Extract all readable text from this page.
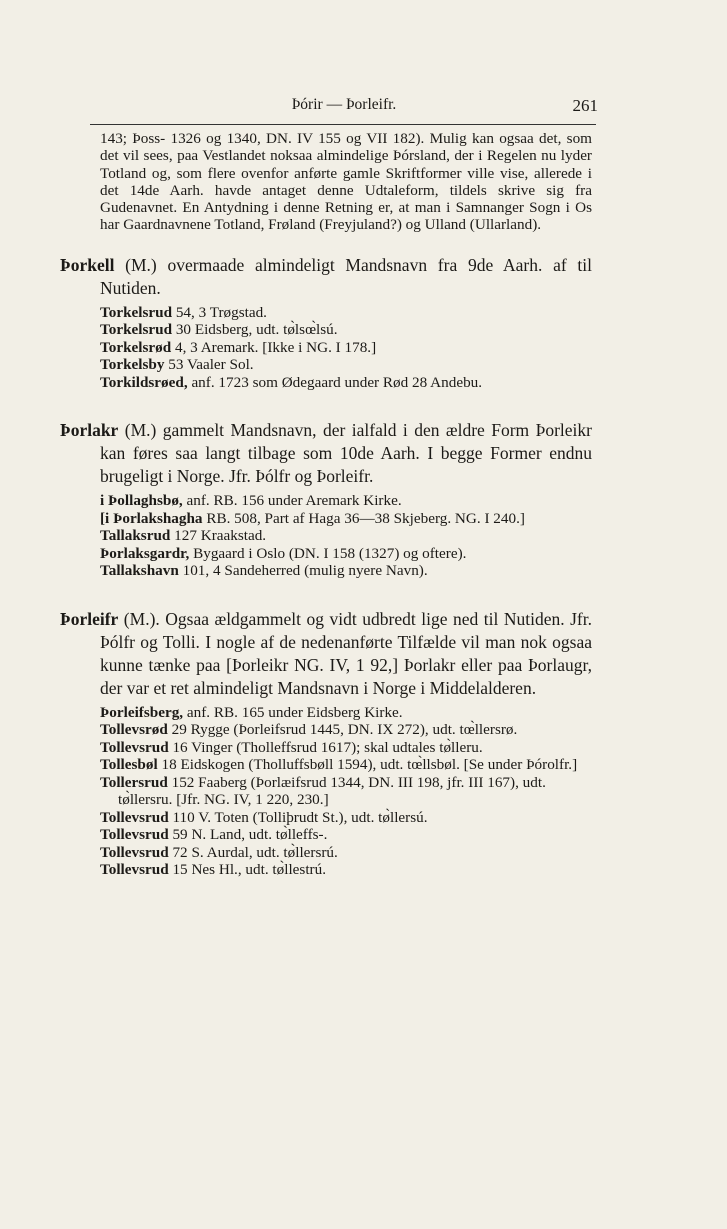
Þórir — Þorleifr.	261

143; Þoss- 1326 og 1340, DN. IV 155 og VII 182). Mulig kan ogsaa det, som det vil sees, paa Vestlandet noksaa almindelige Þórsland, der i Regelen nu lyder Totland og, som flere ovenfor anførte gamle Skriftformer ville vise, allerede i det 14de Aarh. havde antaget denne Udtaleform, tildels skrive sig fra Gudenavnet. En Antydning i denne Retning er, at man i Samnanger Sogn i Os har Gaardnavnene Totland, Frøland (Freyjuland?) og Ulland (Ullarland).

Þorkell (M.) overmaade almindeligt Mandsnavn fra 9de Aarh. af til Nutiden.

Torkelsrud 54, 3 Trøgstad.
Torkelsrud 30 Eidsberg, udt. tø̀lsœ̀lsú.
Torkelsrød 4, 3 Aremark. [Ikke i NG. I 178.]
Torkelsby 53 Vaaler Sol.
Torkildsrøed, anf. 1723 som Ødegaard under Rød 28 Andebu.

Þorlakr (M.) gammelt Mandsnavn, der ialfald i den ældre Form Þorleikr kan føres saa langt tilbage som 10de Aarh. I begge Former endnu brugeligt i Norge. Jfr. Þólfr og Þorleifr.

i Þollaghsbø, anf. RB. 156 under Aremark Kirke.
[i Þorlakshagha RB. 508, Part af Haga 36—38 Skjeberg. NG. I 240.]
Tallaksrud 127 Kraakstad.
Þorlaksgardr, Bygaard i Oslo (DN. I 158 (1327) og oftere).
Tallakshavn 101, 4 Sandeherred (mulig nyere Navn).

Þorleifr (M.). Ogsaa ældgammelt og vidt udbredt lige ned til Nutiden. Jfr. Þólfr og Tolli. I nogle af de nedenanførte Tilfælde vil man nok ogsaa kunne tænke paa [Þorleikr NG. IV, 1 92,] Þorlakr eller paa Þorlaugr, der var et ret almindeligt Mandsnavn i Norge i Middelalderen.

Þorleifsberg, anf. RB. 165 under Eidsberg Kirke.
Tollevsrød 29 Rygge (Þorleifsrud 1445, DN. IX 272), udt. tœ̀llersrø.
Tollevsrud 16 Vinger (Tholleffsrud 1617); skal udtales tø̀lleru.
Tollesbøl 18 Eidskogen (Tholluffsbøll 1594), udt. tœ̀llsbøl. [Se under Þórolfr.]
Tollersrud 152 Faaberg (Þorlæifsrud 1344, DN. III 198, jfr. III 167), udt. tø̀llersru. [Jfr. NG. IV, 1 220, 230.]
Tollevsrud 110 V. Toten (Tolliþrudt St.), udt. tø̀llersú.
Tollevsrud 59 N. Land, udt. tø̀lleffs-.
Tollevsrud 72 S. Aurdal, udt. tø̀llersrú.
Tollevsrud 15 Nes Hl., udt. tø̀llestrú.
